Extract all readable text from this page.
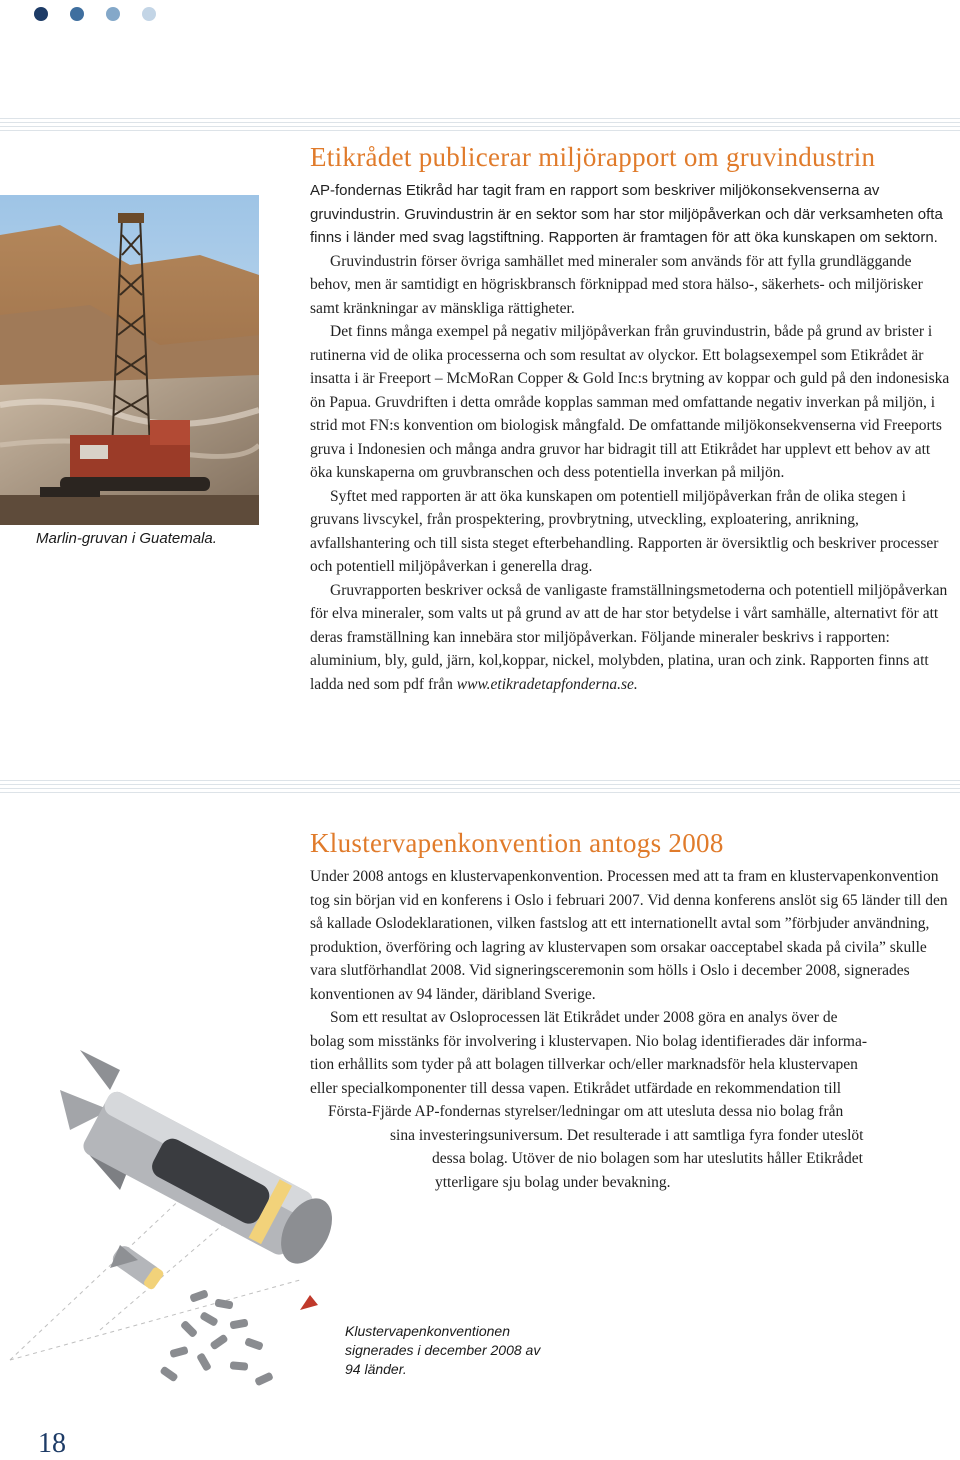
Marlin-gruvan i Guatemala.
Etikrådet publicerar miljörapport om gruvindustrin

AP-fondernas Etikråd har tagit fram en rapport som beskriver miljökonsekvenserna av gruvindustrin. Gruvindustrin är en sektor som har stor miljöpåverkan och där verksamheten ofta finns i länder med svag lagstiftning. Rapporten är framtagen för att öka kunskapen om sektorn.

Gruvindustrin förser övriga samhället med mineraler som används för att fylla grundläggande behov, men är samtidigt en högriskbransch förknippad med stora hälso-, säkerhets- och miljörisker samt kränkningar av mänskliga rättigheter.

Det finns många exempel på negativ miljöpåverkan från gruvindustrin, både på grund av brister i rutinerna vid de olika processerna och som resultat av olyckor. Ett bolagsexempel som Etikrådet är insatta i är Freeport – McMoRan Copper & Gold Inc:s brytning av koppar och guld på den indonesiska ön Papua. Gruvdriften i detta område kopplas samman med omfattande negativ inverkan på miljön, i strid mot FN:s konvention om biologisk mångfald. De omfattande miljökonsekvenserna vid Freeports gruva i Indonesien och många andra gruvor har bidragit till att Etikrådet har upplevt ett behov av att öka kunskaperna om gruvbranschen och dess potentiella inverkan på miljön.

Syftet med rapporten är att öka kunskapen om potentiell miljöpåverkan från de olika stegen i gruvans livscykel, från prospektering, provbrytning, utveckling, exploatering, anrikning, avfallshantering och till sista steget efterbehandling. Rapporten är översiktlig och beskriver processer och potentiell miljöpåverkan i generella drag.

Gruvrapporten beskriver också de vanligaste framställningsmetoderna och potentiell miljöpåverkan för elva mineraler, som valts ut på grund av att de har stor betydelse i vårt samhälle, alternativt för att deras framställning kan innebära stor miljöpåverkan. Följande mineraler beskrivs i rapporten: aluminium, bly, guld, järn, kol,koppar, nickel, molybden, platina, uran och zink. Rapporten finns att ladda ned som pdf från www.etikradetapfonderna.se.

Klustervapenkonvention antogs 2008

Under 2008 antogs en klustervapenkonvention. Processen med att ta fram en klustervapenkonvention tog sin början vid en konferens i Oslo i februari 2007. Vid denna konferens anslöt sig 65 länder till den så kallade Oslodeklarationen, vilken fastslog att ett internationellt avtal som ”förbjuder användning, produktion, överföring och lagring av klustervapen som orsakar oacceptabel skada på civila” skulle vara slutförhandlat 2008. Vid signeringsceremonin som hölls i Oslo i december 2008, signerades konventionen av 94 länder, däribland Sverige.

Som ett resultat av Osloprocessen lät Etikrådet under 2008 göra en analys över de
bolag som misstänks för involvering i klustervapen. Nio bolag identifierades där informa-
tion erhållits som tyder på att bolagen tillverkar och/eller marknadsför hela klustervapen
eller specialkomponenter till dessa vapen. Etikrådet utfärdade en rekommendation till
Första-Fjärde AP-fondernas styrelser/ledningar om att utesluta dessa nio bolag från
sina investeringsuniversum. Det resulterade i att samtliga fyra fonder uteslöt
dessa bolag. Utöver de nio bolagen som har uteslutits håller Etikrådet
ytterligare sju bolag under bevakning.
Klustervapenkonventionen signerades i december 2008 av 94 länder.
18
